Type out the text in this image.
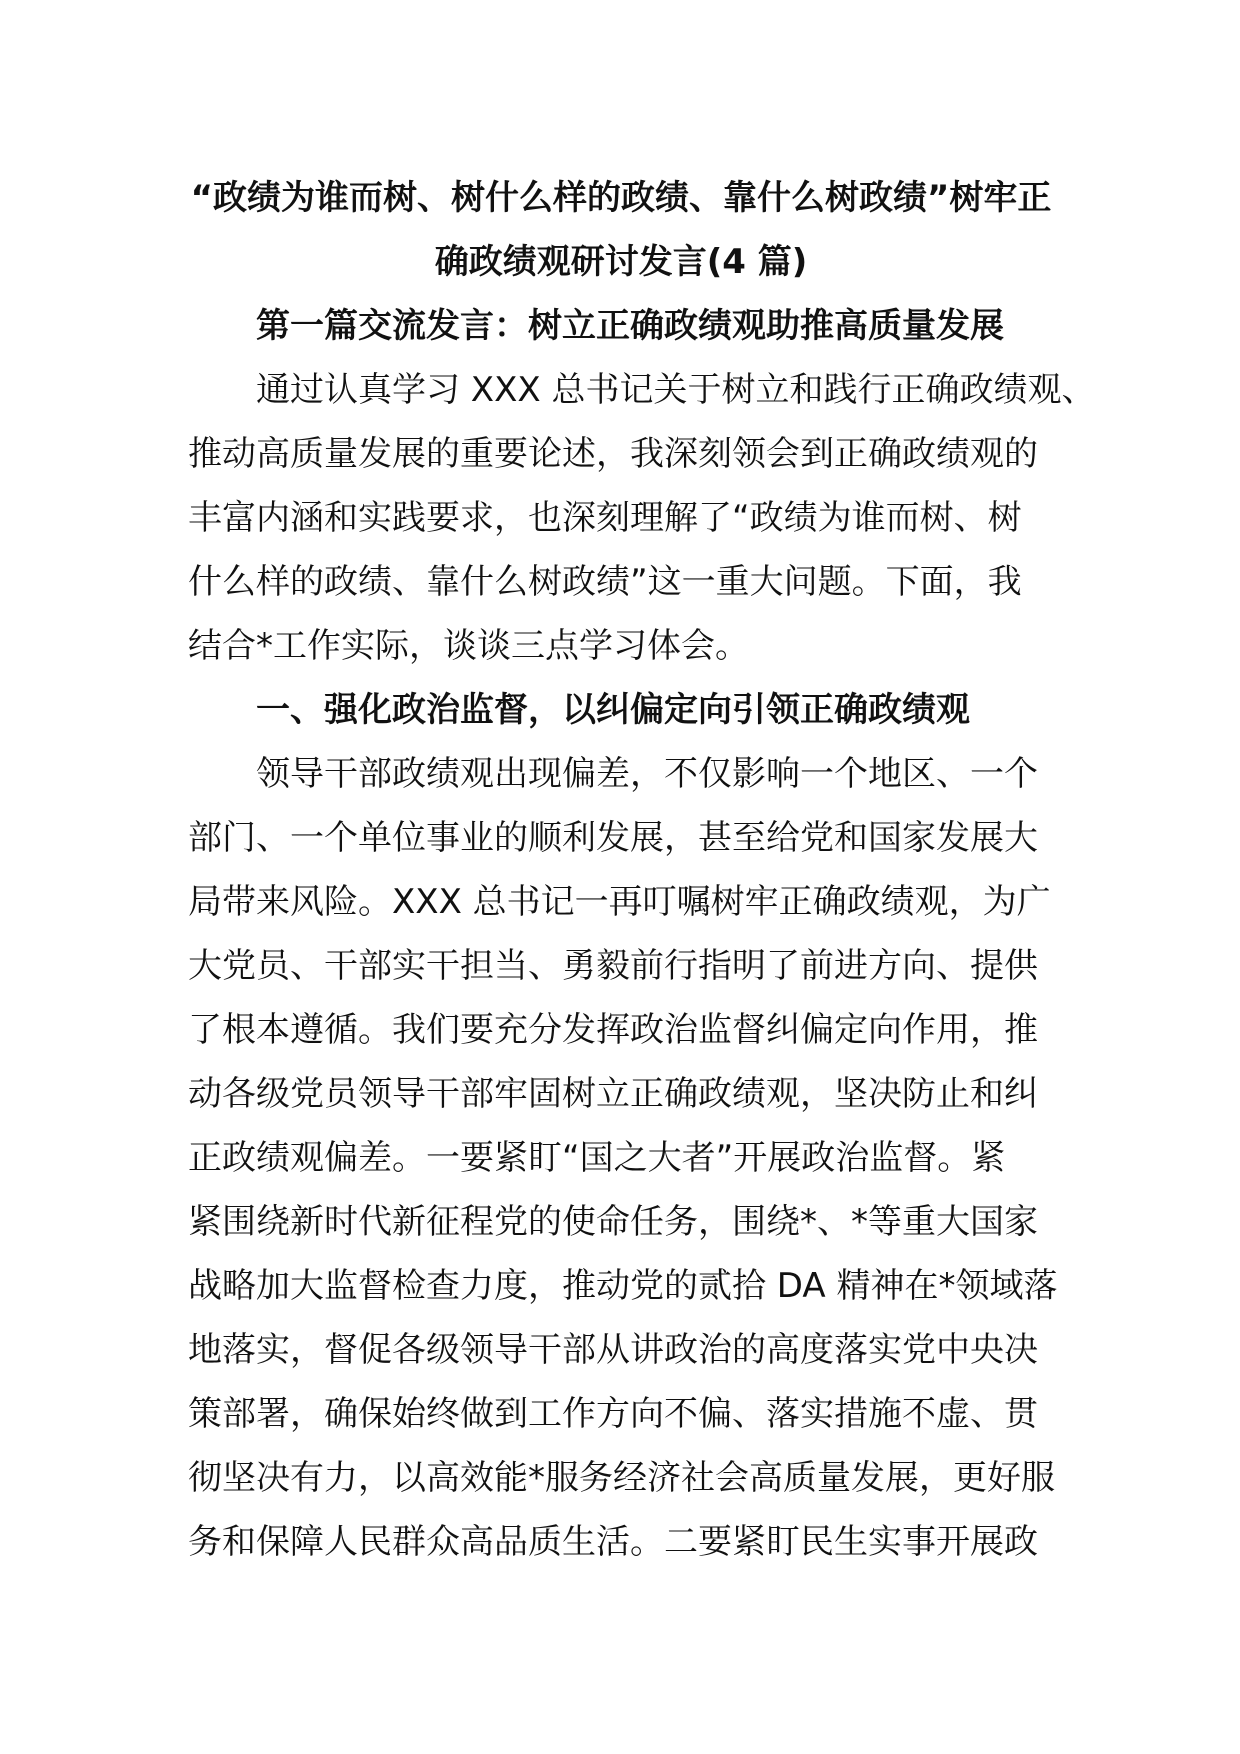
“政绩为谁而树、树什么样的政绩、靠什么树政绩”树牢正
确政绩观研讨发言(4 篇)
第一篇交流发言：树立正确政绩观助推高质量发展
通过认真学习 XXX 总书记关于树立和践行正确政绩观、
推动高质量发展的重要论述，我深刻领会到正确政绩观的
丰富内涵和实践要求，也深刻理解了“政绩为谁而树、树
什么样的政绩、靠什么树政绩”这一重大问题。下面，我
结合*工作实际，谈谈三点学习体会。
一、强化政治监督，以纠偏定向引领正确政绩观
领导干部政绩观出现偏差，不仅影响一个地区、一个
部门、一个单位事业的顺利发展，甚至给党和国家发展大
局带来风险。XXX 总书记一再叮嘱树牢正确政绩观，为广
大党员、干部实干担当、勇毅前行指明了前进方向、提供
了根本遵循。我们要充分发挥政治监督纠偏定向作用，推
动各级党员领导干部牢固树立正确政绩观，坚决防止和纠
正政绩观偏差。一要紧盯“国之大者”开展政治监督。紧
紧围绕新时代新征程党的使命任务，围绕*、*等重大国家
战略加大监督检查力度，推动党的贰拾 DA 精神在*领域落
地落实，督促各级领导干部从讲政治的高度落实党中央决
策部署，确保始终做到工作方向不偏、落实措施不虚、贯
彻坚决有力，以高效能*服务经济社会高质量发展，更好服
务和保障人民群众高品质生活。二要紧盯民生实事开展政
